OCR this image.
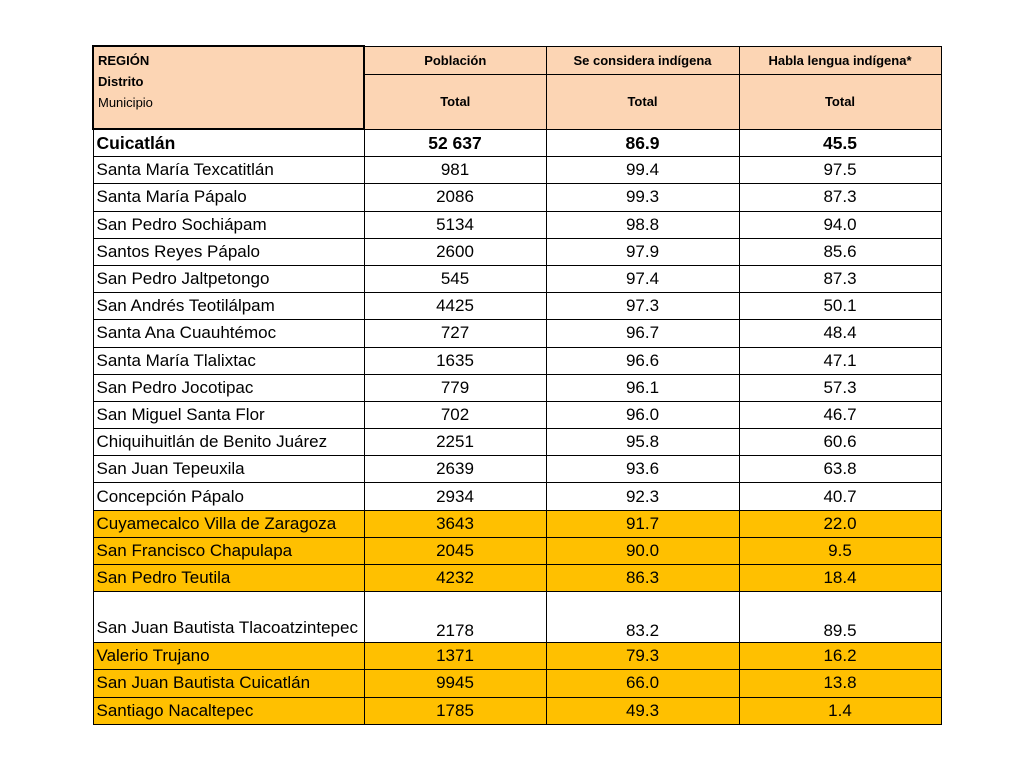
REGIÓN
Distrito
Municipio	Población	Se considera indígena	Habla lengua indígena*
	Total	Total	Total
Cuicatlán	52 637	86.9	45.5
Santa María Texcatitlán	981	99.4	97.5
Santa María Pápalo	2086	99.3	87.3
San Pedro Sochiápam	5134	98.8	94.0
Santos Reyes Pápalo	2600	97.9	85.6
San Pedro Jaltpetongo	545	97.4	87.3
San Andrés Teotilálpam	4425	97.3	50.1
Santa Ana Cuauhtémoc	727	96.7	48.4
Santa María Tlalixtac	1635	96.6	47.1
San Pedro Jocotipac	779	96.1	57.3
San Miguel Santa Flor	702	96.0	46.7
Chiquihuitlán de Benito Juárez	2251	95.8	60.6
San Juan Tepeuxila	2639	93.6	63.8
Concepción Pápalo	2934	92.3	40.7
Cuyamecalco Villa de Zaragoza	3643	91.7	22.0
San Francisco Chapulapa	2045	90.0	9.5
San Pedro Teutila	4232	86.3	18.4
San Juan Bautista Tlacoatzintepec	2178	83.2	89.5
Valerio Trujano	1371	79.3	16.2
San Juan Bautista Cuicatlán	9945	66.0	13.8
Santiago Nacaltepec	1785	49.3	1.4
